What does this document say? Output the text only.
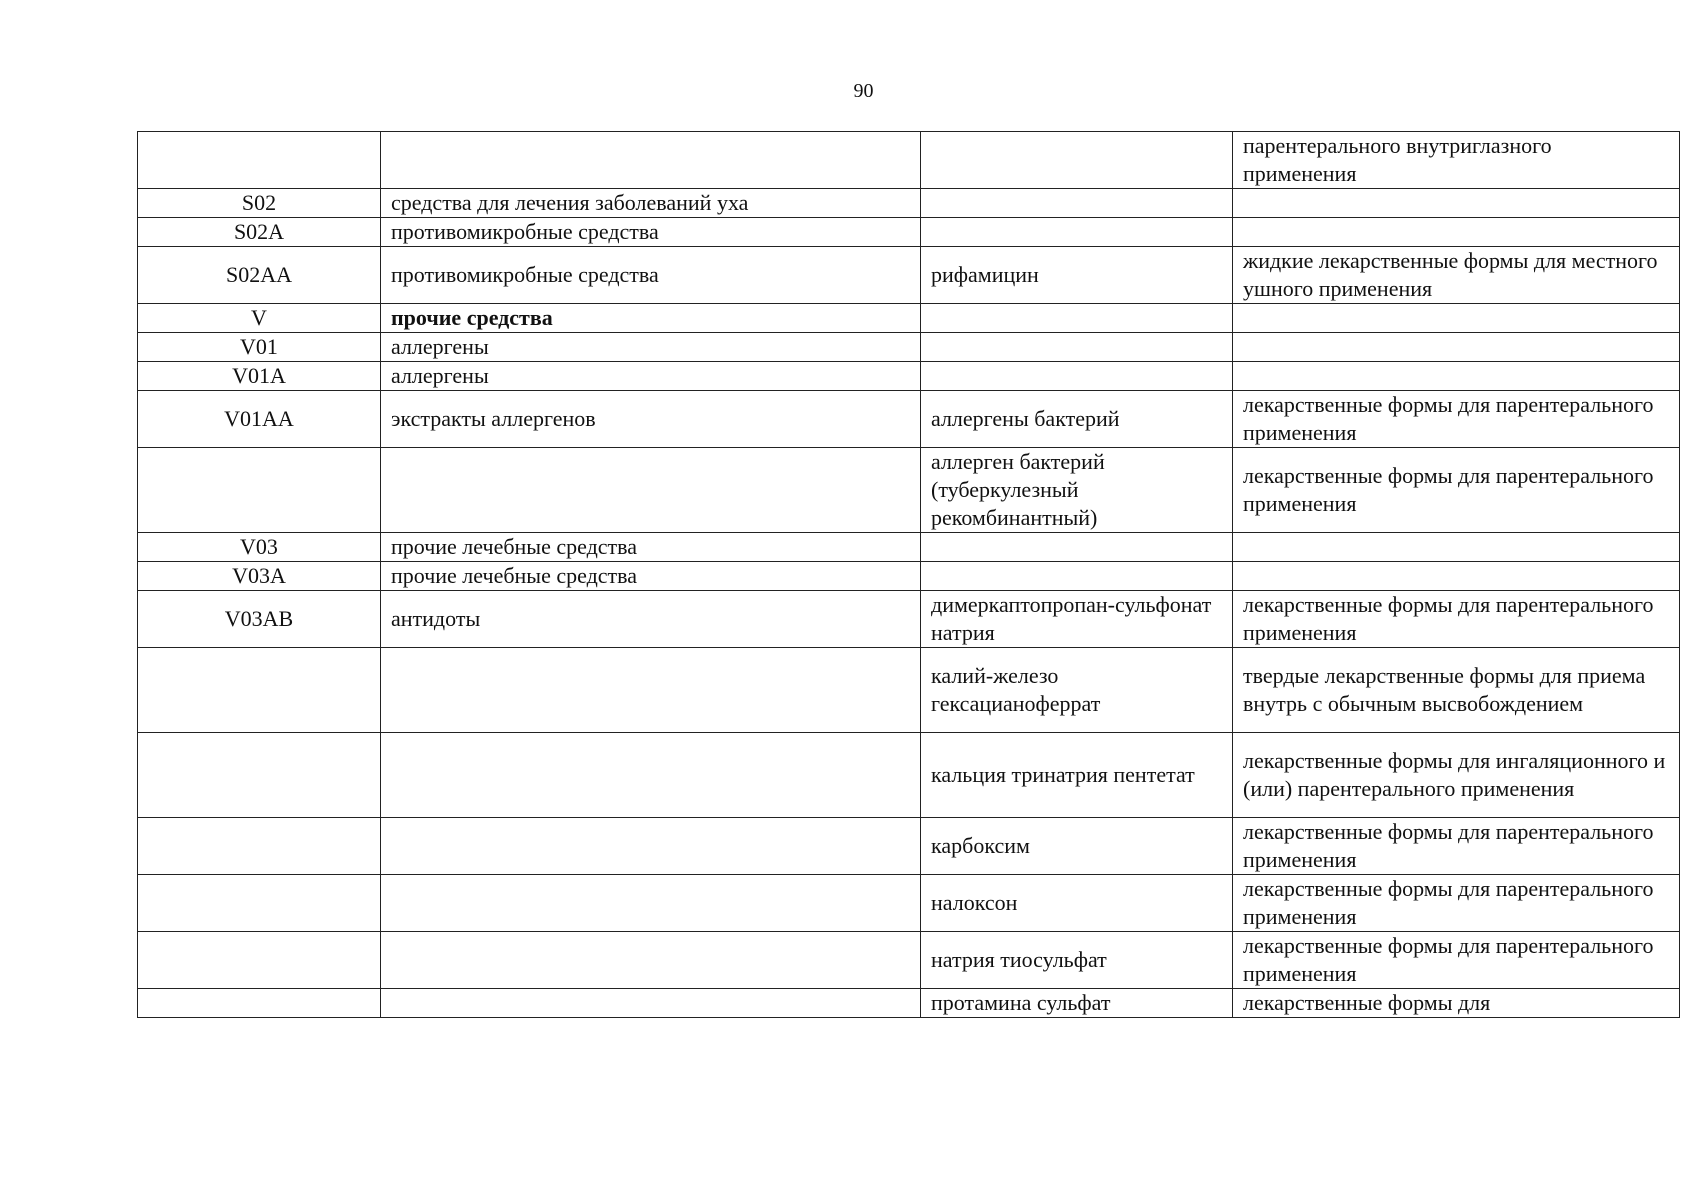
90
			парентерального внутриглазного применения
S02	средства для лечения заболеваний уха		
S02A	противомикробные средства		
S02AA	противомикробные средства	рифамицин	жидкие лекарственные формы для местного ушного применения
V	прочие средства		
V01	аллергены		
V01A	аллергены		
V01AA	экстракты аллергенов	аллергены бактерий	лекарственные формы для парентерального применения
		аллерген бактерий (туберкулезный рекомбинантный)	лекарственные формы для парентерального применения
V03	прочие лечебные средства		
V03A	прочие лечебные средства		
V03AB	антидоты	димеркаптопропан-сульфонат натрия	лекарственные формы для парентерального применения
		калий-железо гексацианоферрат	твердые лекарственные формы для приема внутрь с обычным высвобождением
		кальция тринатрия пентетат	лекарственные формы для ингаляционного и (или) парентерального применения
		карбоксим	лекарственные формы для парентерального применения
		налоксон	лекарственные формы для парентерального применения
		натрия тиосульфат	лекарственные формы для парентерального применения
		протамина сульфат	лекарственные формы для
